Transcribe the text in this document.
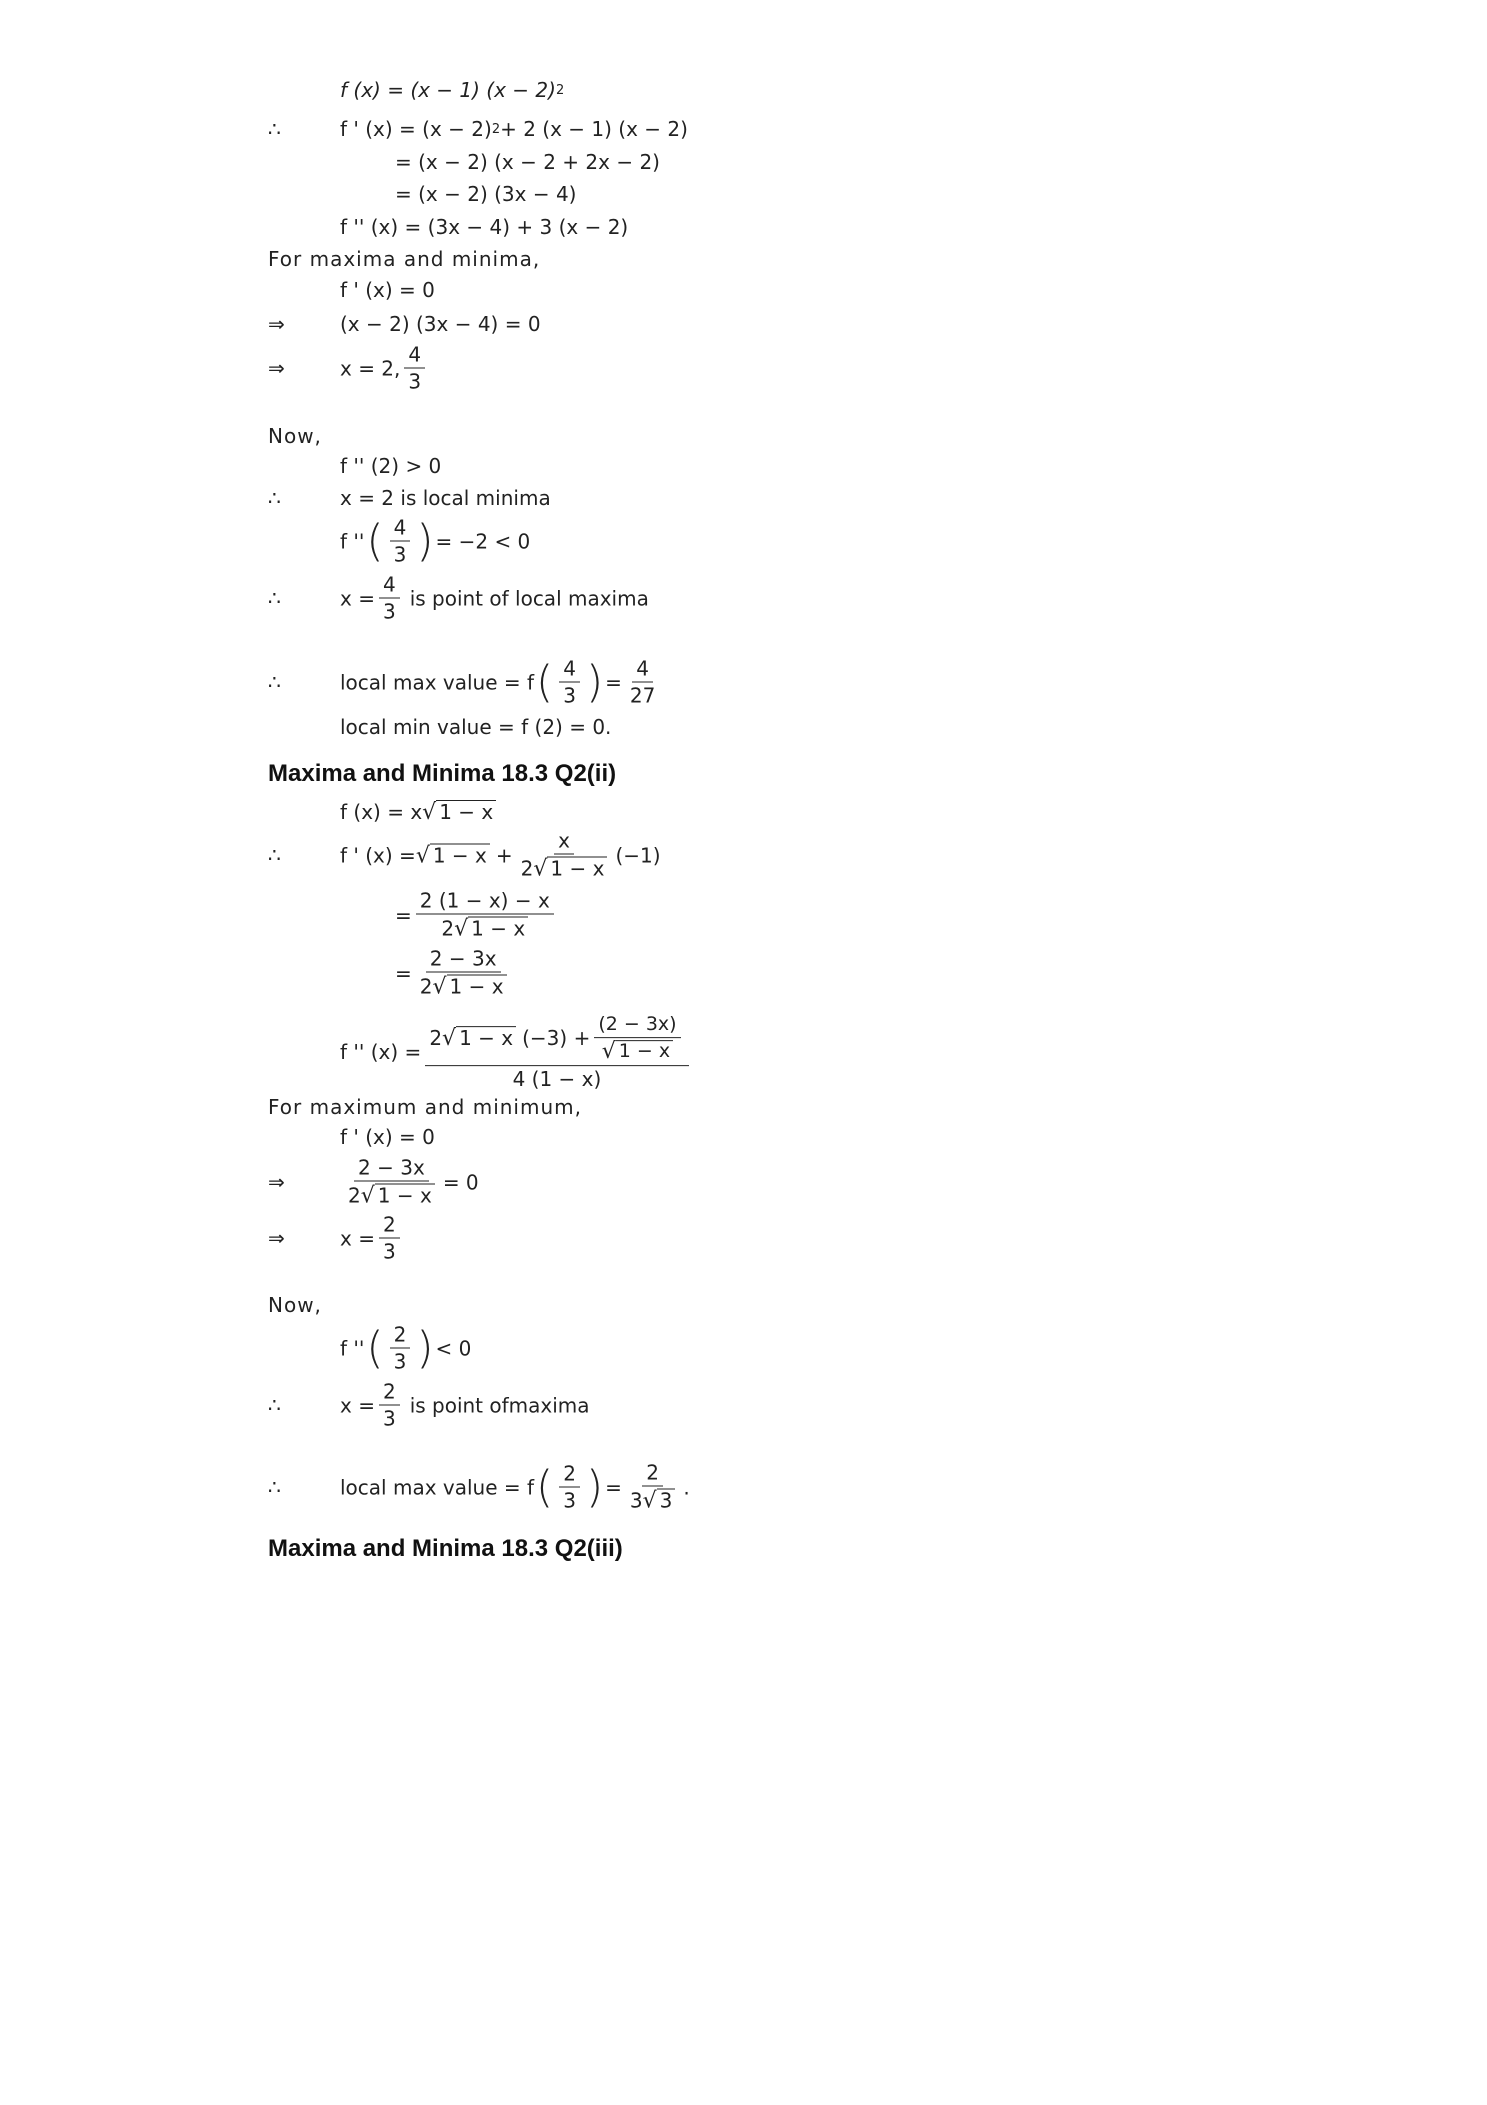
f (x) = (x − 1) (x − 2) 2
∴	f ' (x) = (x − 2) 2 + 2 (x − 1) (x − 2)
= (x − 2) (x − 2 + 2x − 2)
= (x − 2) (3x − 4)
f '' (x) = (3x − 4) + 3 (x − 2)
For maxima and minima,
f ' (x) = 0
⇒	(x − 2) (3x − 4) = 0
⇒	x = 2, $\frac{4}{3}$
Now,
f '' (2) > 0
∴	x = 2 is local minima
f '' ( $\frac{4}{3}$ ) = −2 < 0
∴	$x = \frac{4}{3}$ is point of local maxima
∴	local max value = f ( $\frac{4}{3}$ ) = $\frac{4}{27}$
local min value = f (2) = 0.
Maxima and Minima 18.3 Q2(ii)
f (x) = x √ 1 − x
∴	f ' (x) = √ $1 - x + \frac{x}{2 √ 1 - x} (-1)$
= $\frac{2 (1 - x) - x}{2 √ 1 - x}$
= $\frac{2 - 3x}{2 √ 1 - x}$
f '' $(x) = \frac{2 √ 1 - x (-3) + \frac{(2 - 3x)}{√ 1 - x}}{4 (1 - x)}$
For maximum and minimum,
f ' (x) = 0
⇒	$\frac{2 - 3x}{2 √ 1 - x} = 0$
⇒	$x = \frac{2}{3}$
Now,
f '' ( $\frac{2}{3}$ ) < 0
∴	$x = \frac{2}{3}$ is point ofmaxima
∴	local max value = f ( $\frac{2}{3}$ ) = $\frac{2}{3 √ 3}$ .
Maxima and Minima 18.3 Q2(iii)
